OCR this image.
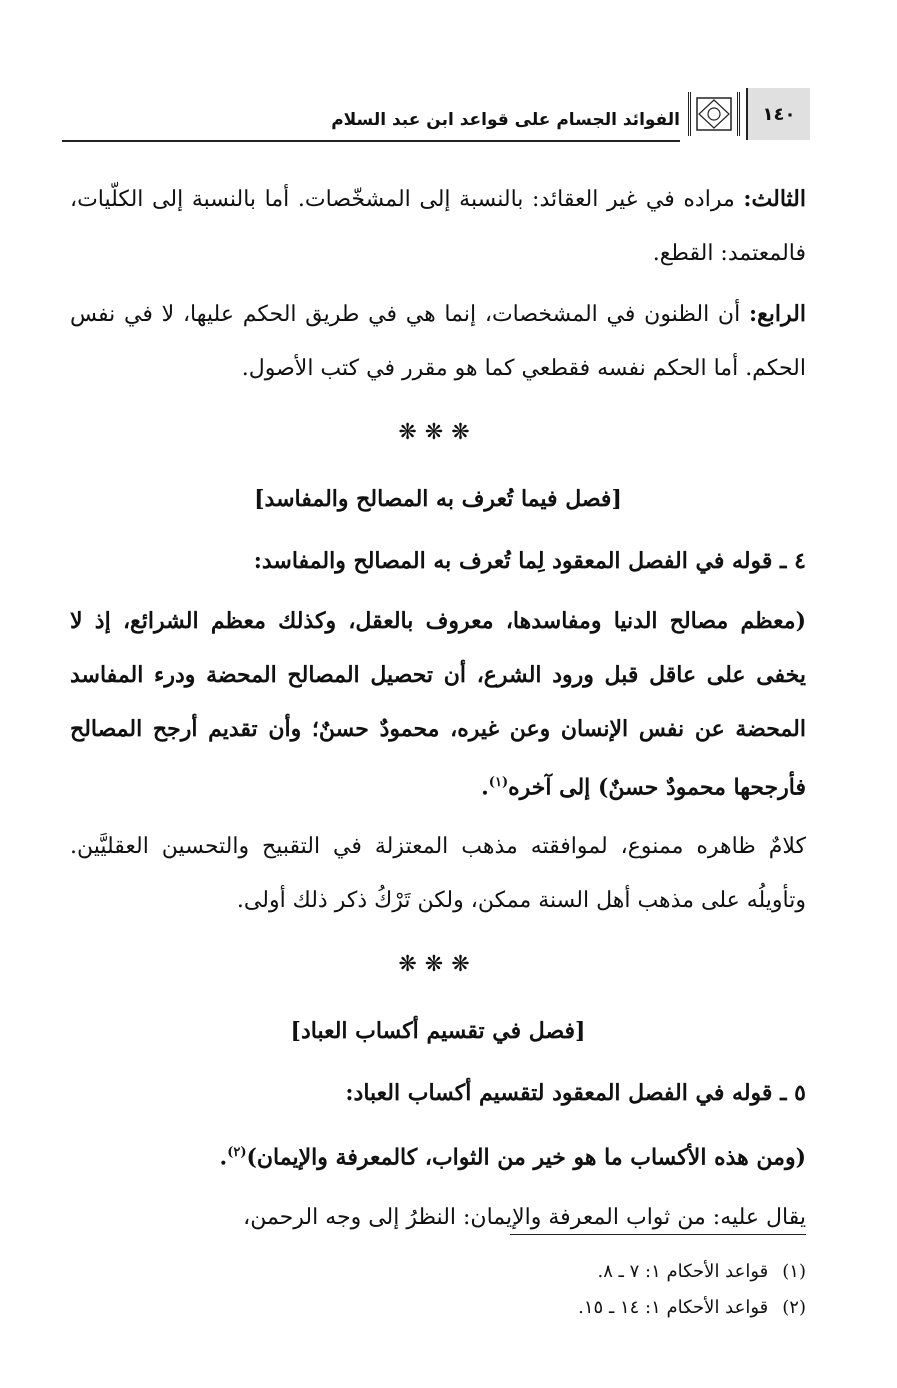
الفوائد الجسام على قواعد ابن عبد السلام	١٤٠

الثالث: مراده في غير العقائد: بالنسبة إلى المشخّصات. أما بالنسبة إلى الكلّيات، فالمعتمد: القطع.

الرابع: أن الظنون في المشخصات، إنما هي في طريق الحكم عليها، لا في نفس الحكم. أما الحكم نفسه فقطعي كما هو مقرر في كتب الأصول.

❋❋❋
[فصل فيما تُعرف به المصالح والمفاسد]

٤ ـ قوله في الفصل المعقود لِما تُعرف به المصالح والمفاسد:

(معظم مصالح الدنيا ومفاسدها، معروف بالعقل، وكذلك معظم الشرائع، إذ لا يخفى على عاقل قبل ورود الشرع، أن تحصيل المصالح المحضة ودرء المفاسد المحضة عن نفس الإنسان وعن غيره، محمودٌ حسنٌ؛ وأن تقديم أرجح المصالح فأرجحها محمودٌ حسنٌ) إلى آخره$^{(١)}$.

كلامٌ ظاهره ممنوع، لموافقته مذهب المعتزلة في التقبيح والتحسين العقليَّين. وتأويلُه على مذهب أهل السنة ممكن، ولكن تَرْكُ ذكر ذلك أولى.

❋❋❋
[فصل في تقسيم أكساب العباد]

٥ ـ قوله في الفصل المعقود لتقسيم أكساب العباد:

(ومن هذه الأكساب ما هو خير من الثواب، كالمعرفة والإيمان)$^{(٢)}$.

يقال عليه: من ثواب المعرفة والإيمان: النظرُ إلى وجه الرحمن،

(١)قواعد الأحكام ١: ٧ ـ ٨.

(٢)قواعد الأحكام ١: ١٤ ـ ١٥.
